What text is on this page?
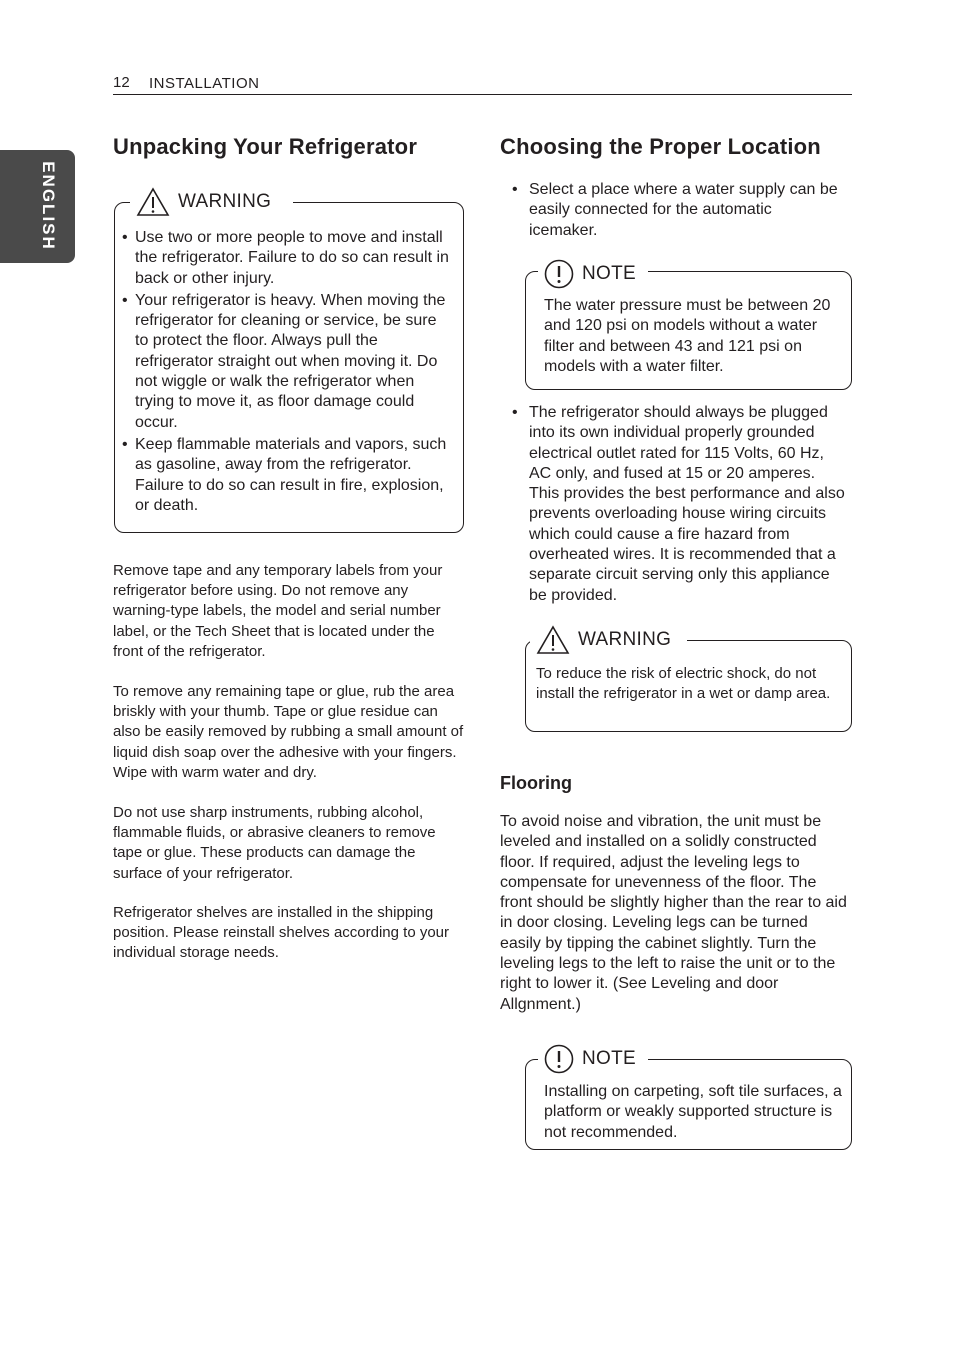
12 INSTALLATION
ENGLISH
Unpacking Your Refrigerator
WARNING
• Use two or more people to move and install the refrigerator. Failure to do so can result in back or other injury.
• Your refrigerator is heavy. When moving the refrigerator for cleaning or service, be sure to protect the floor. Always pull the refrigerator straight out when moving it. Do not wiggle or walk the refrigerator when trying to move it, as floor damage could occur.
• Keep flammable materials and vapors, such as gasoline, away from the refrigerator. Failure to do so can result in fire, explosion, or death.

Remove tape and any temporary labels from your refrigerator before using. Do not remove any warning-type labels, the model and serial number label, or the Tech Sheet that is located under the front of the refrigerator.

To remove any remaining tape or glue, rub the area briskly with your thumb. Tape or glue residue can also be easily removed by rubbing a small amount of liquid dish soap over the adhesive with your fingers. Wipe with warm water and dry.

Do not use sharp instruments, rubbing alcohol, flammable fluids, or abrasive cleaners to remove tape or glue. These products can damage the surface of your refrigerator.

Refrigerator shelves are installed in the shipping position. Please reinstall shelves according to your individual storage needs.

Choosing the Proper Location

• Select a place where a water supply can be easily connected for the automatic icemaker.

NOTE

The water pressure must be between 20 and 120 psi on models without a water filter and between 43 and 121 psi on models with a water filter.

• The refrigerator should always be plugged into its own individual properly grounded electrical outlet rated for 115 Volts, 60 Hz, AC only, and fused at 15 or 20 amperes. This provides the best performance and also prevents overloading house wiring circuits which could cause a fire hazard from overheated wires. It is recommended that a separate circuit serving only this appliance be provided.

WARNING

To reduce the risk of electric shock, do not install the refrigerator in a wet or damp area.

Flooring

To avoid noise and vibration, the unit must be leveled and installed on a solidly constructed floor. If required, adjust the leveling legs to compensate for unevenness of the floor. The front should be slightly higher than the rear to aid in door closing. Leveling legs can be turned easily by tipping the cabinet slightly. Turn the leveling legs to the left to raise the unit or to the right to lower it. (See Leveling and door Allgnment.)

NOTE

Installing on carpeting, soft tile surfaces, a platform or weakly supported structure is not recommended.
